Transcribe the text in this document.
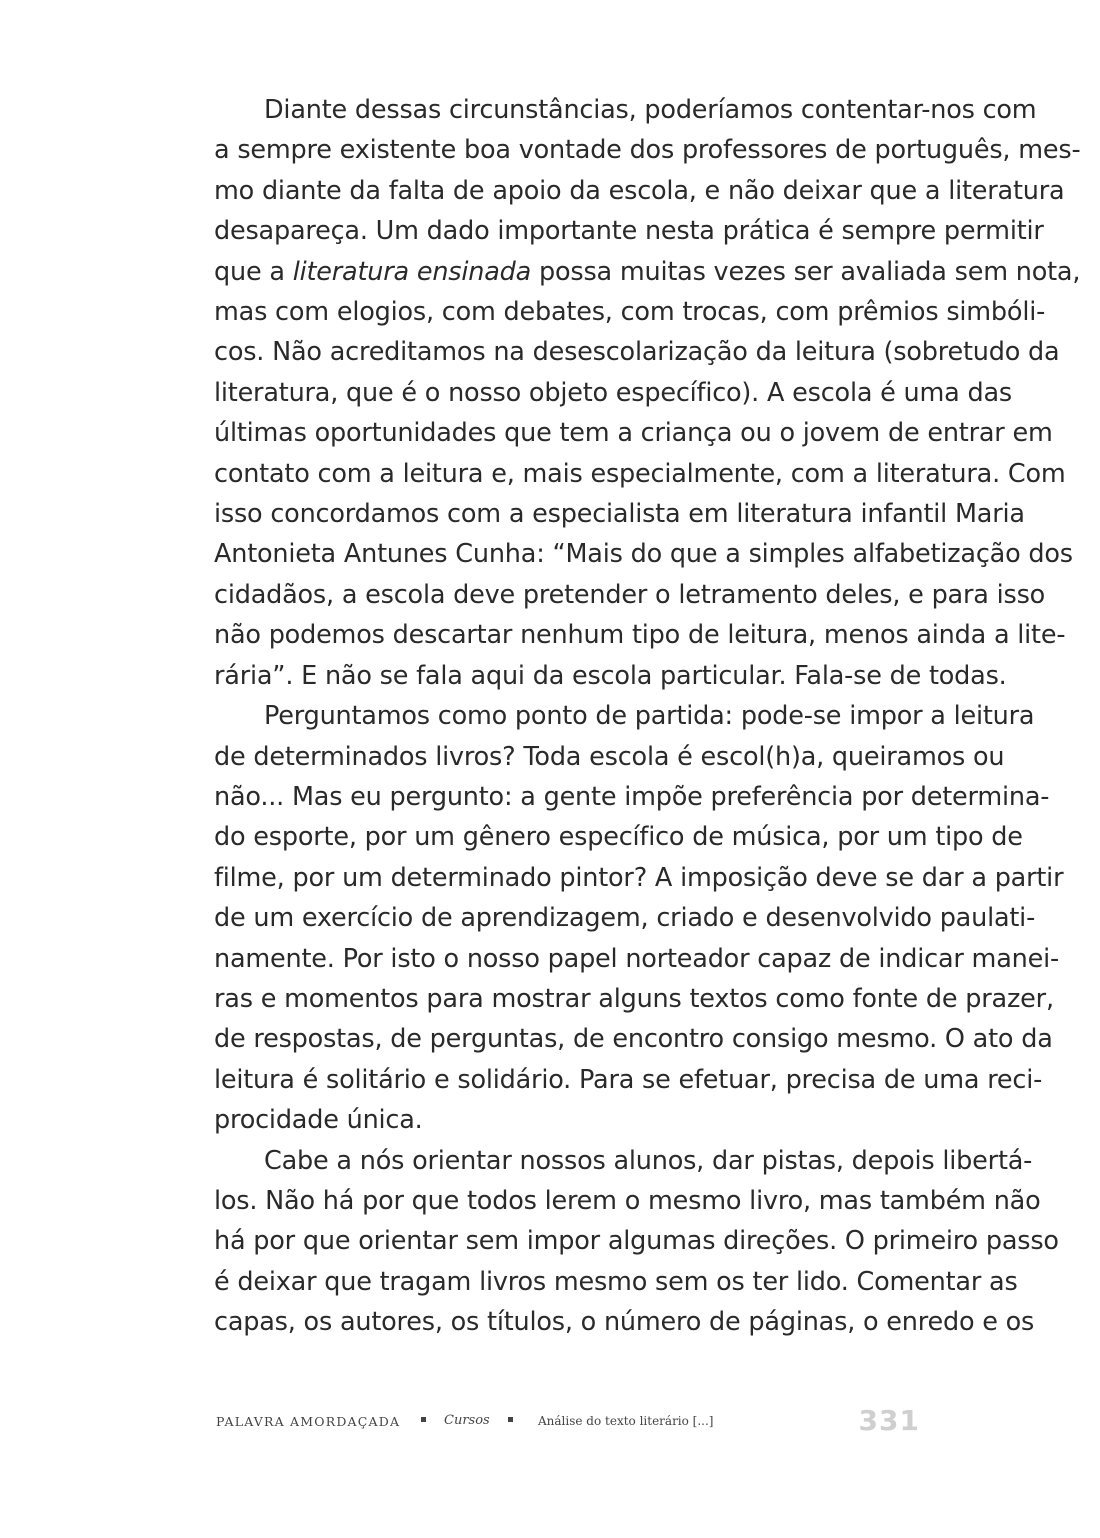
Diante dessas circunstâncias, poderíamos contentar-nos com
a sempre existente boa vontade dos professores de português, mes-
mo diante da falta de apoio da escola, e não deixar que a literatura
desapareça. Um dado importante nesta prática é sempre permitir
que a literatura ensinada possa muitas vezes ser avaliada sem nota,
mas com elogios, com debates, com trocas, com prêmios simbóli-
cos. Não acreditamos na desescolarização da leitura (sobretudo da
literatura, que é o nosso objeto específico). A escola é uma das
últimas oportunidades que tem a criança ou o jovem de entrar em
contato com a leitura e, mais especialmente, com a literatura. Com
isso concordamos com a especialista em literatura infantil Maria
Antonieta Antunes Cunha: “Mais do que a simples alfabetização dos
cidadãos, a escola deve pretender o letramento deles, e para isso
não podemos descartar nenhum tipo de leitura, menos ainda a lite-
rária”. E não se fala aqui da escola particular. Fala-se de todas.
Perguntamos como ponto de partida: pode-se impor a leitura
de determinados livros? Toda escola é escol(h)a, queiramos ou
não... Mas eu pergunto: a gente impõe preferência por determina-
do esporte, por um gênero específico de música, por um tipo de
filme, por um determinado pintor? A imposição deve se dar a partir
de um exercício de aprendizagem, criado e desenvolvido paulati-
namente. Por isto o nosso papel norteador capaz de indicar manei-
ras e momentos para mostrar alguns textos como fonte de prazer,
de respostas, de perguntas, de encontro consigo mesmo. O ato da
leitura é solitário e solidário. Para se efetuar, precisa de uma reci-
procidade única.
Cabe a nós orientar nossos alunos, dar pistas, depois libertá-
los. Não há por que todos lerem o mesmo livro, mas também não
há por que orientar sem impor algumas direções. O primeiro passo
é deixar que tragam livros mesmo sem os ter lido. Comentar as
capas, os autores, os títulos, o número de páginas, o enredo e os
PALAVRA AMORDAÇADA	Cursos	Análise do texto literário [...]	331
